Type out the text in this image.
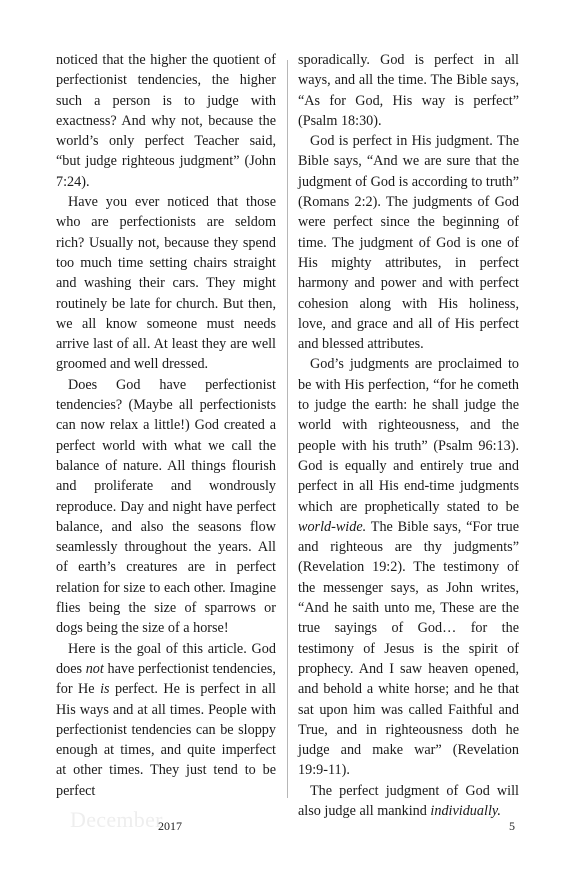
noticed that the higher the quotient of perfectionist tendencies, the higher such a person is to judge with exactness? And why not, because the world’s only perfect Teacher said, “but judge righteous judgment” (John 7:24).

Have you ever noticed that those who are perfectionists are seldom rich? Usually not, because they spend too much time setting chairs straight and washing their cars. They might routinely be late for church. But then, we all know someone must needs arrive last of all. At least they are well groomed and well dressed.

Does God have perfectionist tendencies? (Maybe all perfectionists can now relax a little!) God created a perfect world with what we call the balance of nature. All things flourish and proliferate and wondrously reproduce. Day and night have perfect balance, and also the seasons flow seamlessly throughout the years. All of earth’s creatures are in perfect relation for size to each other. Imagine flies being the size of sparrows or dogs being the size of a horse!

Here is the goal of this article. God does not have perfectionist tendencies, for He is perfect. He is perfect in all His ways and at all times. People with perfectionist tendencies can be sloppy enough at times, and quite imperfect at other times. They just tend to be perfect

sporadically. God is perfect in all ways, and all the time. The Bible says, “As for God, His way is perfect” (Psalm 18:30).

God is perfect in His judgment. The Bible says, “And we are sure that the judgment of God is according to truth” (Romans 2:2). The judgments of God were perfect since the beginning of time. The judgment of God is one of His mighty attributes, in perfect harmony and power and with perfect cohesion along with His holiness, love, and grace and all of His perfect and blessed attributes.

God’s judgments are proclaimed to be with His perfection, “for he cometh to judge the earth: he shall judge the world with righteousness, and the people with his truth” (Psalm 96:13). God is equally and entirely true and perfect in all His end-time judgments which are prophetically stated to be world-wide. The Bible says, “For true and righteous are thy judgments” (Revelation 19:2). The testimony of the messenger says, as John writes, “And he saith unto me, These are the true sayings of God… for the testimony of Jesus is the spirit of prophecy. And I saw heaven opened, and behold a white horse; and he that sat upon him was called Faithful and True, and in righteousness doth he judge and make war” (Revelation 19:9-11).

The perfect judgment of God will also judge all mankind individually.

December
2017	5
